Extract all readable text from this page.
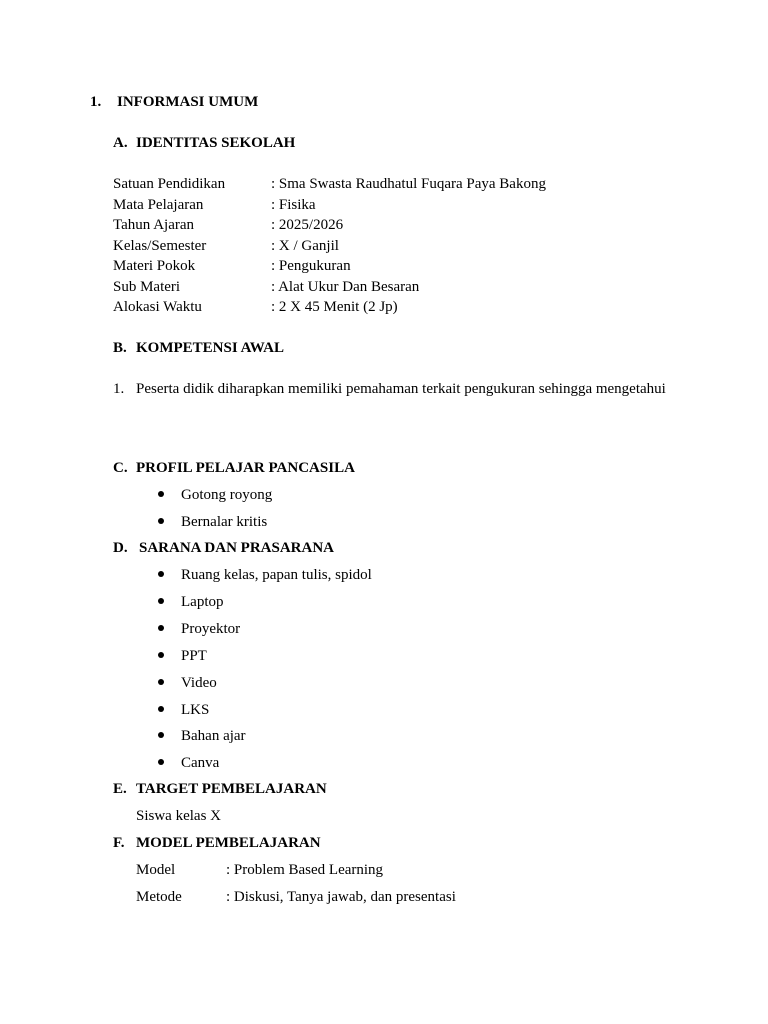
1. INFORMASI UMUM
A. IDENTITAS SEKOLAH
Satuan Pendidikan	: Sma Swasta Raudhatul Fuqara Paya Bakong
Mata Pelajaran	: Fisika
Tahun Ajaran	: 2025/2026
Kelas/Semester	: X / Ganjil
Materi Pokok	: Pengukuran
Sub Materi	: Alat Ukur Dan Besaran
Alokasi Waktu	: 2 X 45 Menit (2 Jp)
B. KOMPETENSI AWAL
1. Peserta didik diharapkan memiliki pemahaman terkait pengukuran sehingga mengetahui
C. PROFIL PELAJAR PANCASILA
Gotong royong
Bernalar kritis
D. SARANA DAN PRASARANA
Ruang kelas, papan tulis, spidol
Laptop
Proyektor
PPT
Video
LKS
Bahan ajar
Canva
E. TARGET PEMBELAJARAN
Siswa kelas X
F. MODEL PEMBELAJARAN
Model	: Problem Based Learning
Metode	: Diskusi, Tanya jawab, dan presentasi
